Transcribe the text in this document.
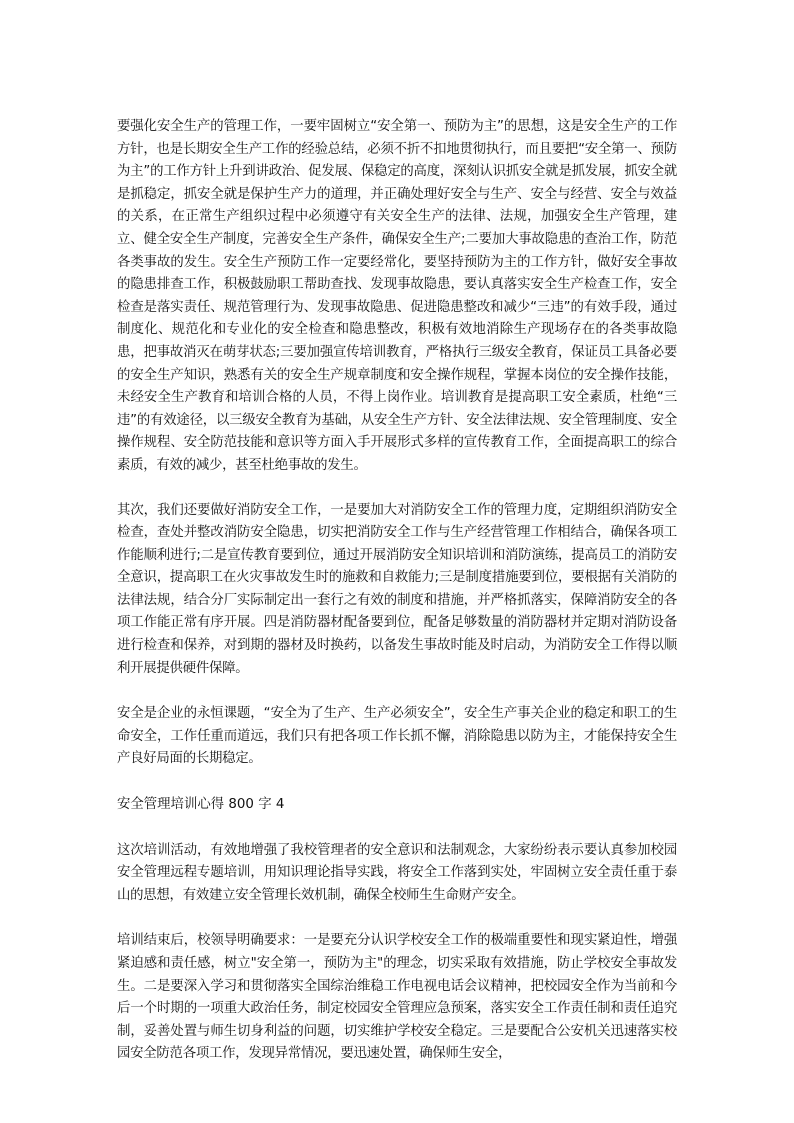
要强化安全生产的管理工作，一要牢固树立“安全第一、预防为主”的思想，这是安全生产的工作方针，也是长期安全生产工作的经验总结，必须不折不扣地贯彻执行，而且要把“安全第一、预防为主”的工作方针上升到讲政治、促发展、保稳定的高度，深刻认识抓安全就是抓发展，抓安全就是抓稳定，抓安全就是保护生产力的道理，并正确处理好安全与生产、安全与经营、安全与效益的关系，在正常生产组织过程中必须遵守有关安全生产的法律、法规，加强安全生产管理，建立、健全安全生产制度，完善安全生产条件，确保安全生产;二要加大事故隐患的查治工作，防范各类事故的发生。安全生产预防工作一定要经常化，要坚持预防为主的工作方针，做好安全事故的隐患排查工作，积极鼓励职工帮助查找、发现事故隐患，要认真落实安全生产检查工作，安全检查是落实责任、规范管理行为、发现事故隐患、促进隐患整改和减少“三违”的有效手段，通过制度化、规范化和专业化的安全检查和隐患整改，积极有效地消除生产现场存在的各类事故隐患，把事故消灭在萌芽状态;三要加强宣传培训教育，严格执行三级安全教育，保证员工具备必要的安全生产知识，熟悉有关的安全生产规章制度和安全操作规程，掌握本岗位的安全操作技能，未经安全生产教育和培训合格的人员，不得上岗作业。培训教育是提高职工安全素质，杜绝“三违”的有效途径，以三级安全教育为基础，从安全生产方针、安全法律法规、安全管理制度、安全操作规程、安全防范技能和意识等方面入手开展形式多样的宣传教育工作，全面提高职工的综合素质，有效的减少，甚至杜绝事故的发生。

其次，我们还要做好消防安全工作，一是要加大对消防安全工作的管理力度，定期组织消防安全检查，查处并整改消防安全隐患，切实把消防安全工作与生产经营管理工作相结合，确保各项工作能顺利进行;二是宣传教育要到位，通过开展消防安全知识培训和消防演练，提高员工的消防安全意识，提高职工在火灾事故发生时的施救和自救能力;三是制度措施要到位，要根据有关消防的法律法规，结合分厂实际制定出一套行之有效的制度和措施，并严格抓落实，保障消防安全的各项工作能正常有序开展。四是消防器材配备要到位，配备足够数量的消防器材并定期对消防设备进行检查和保养，对到期的器材及时换药，以备发生事故时能及时启动，为消防安全工作得以顺利开展提供硬件保障。

安全是企业的永恒课题，“安全为了生产、生产必须安全”，安全生产事关企业的稳定和职工的生命安全，工作任重而道远，我们只有把各项工作长抓不懈，消除隐患以防为主，才能保持安全生产良好局面的长期稳定。

安全管理培训心得 800 字 4

这次培训活动，有效地增强了我校管理者的安全意识和法制观念，大家纷纷表示要认真参加校园安全管理远程专题培训，用知识理论指导实践，将安全工作落到实处，牢固树立安全责任重于泰山的思想，有效建立安全管理长效机制，确保全校师生生命财产安全。

培训结束后，校领导明确要求：一是要充分认识学校安全工作的极端重要性和现实紧迫性，增强紧迫感和责任感，树立"安全第一，预防为主"的理念，切实采取有效措施，防止学校安全事故发生。二是要深入学习和贯彻落实全国综治维稳工作电视电话会议精神，把校园安全作为当前和今后一个时期的一项重大政治任务，制定校园安全管理应急预案，落实安全工作责任制和责任追究制，妥善处置与师生切身利益的问题，切实维护学校安全稳定。三是要配合公安机关迅速落实校园安全防范各项工作，发现异常情况，要迅速处置，确保师生安全，
